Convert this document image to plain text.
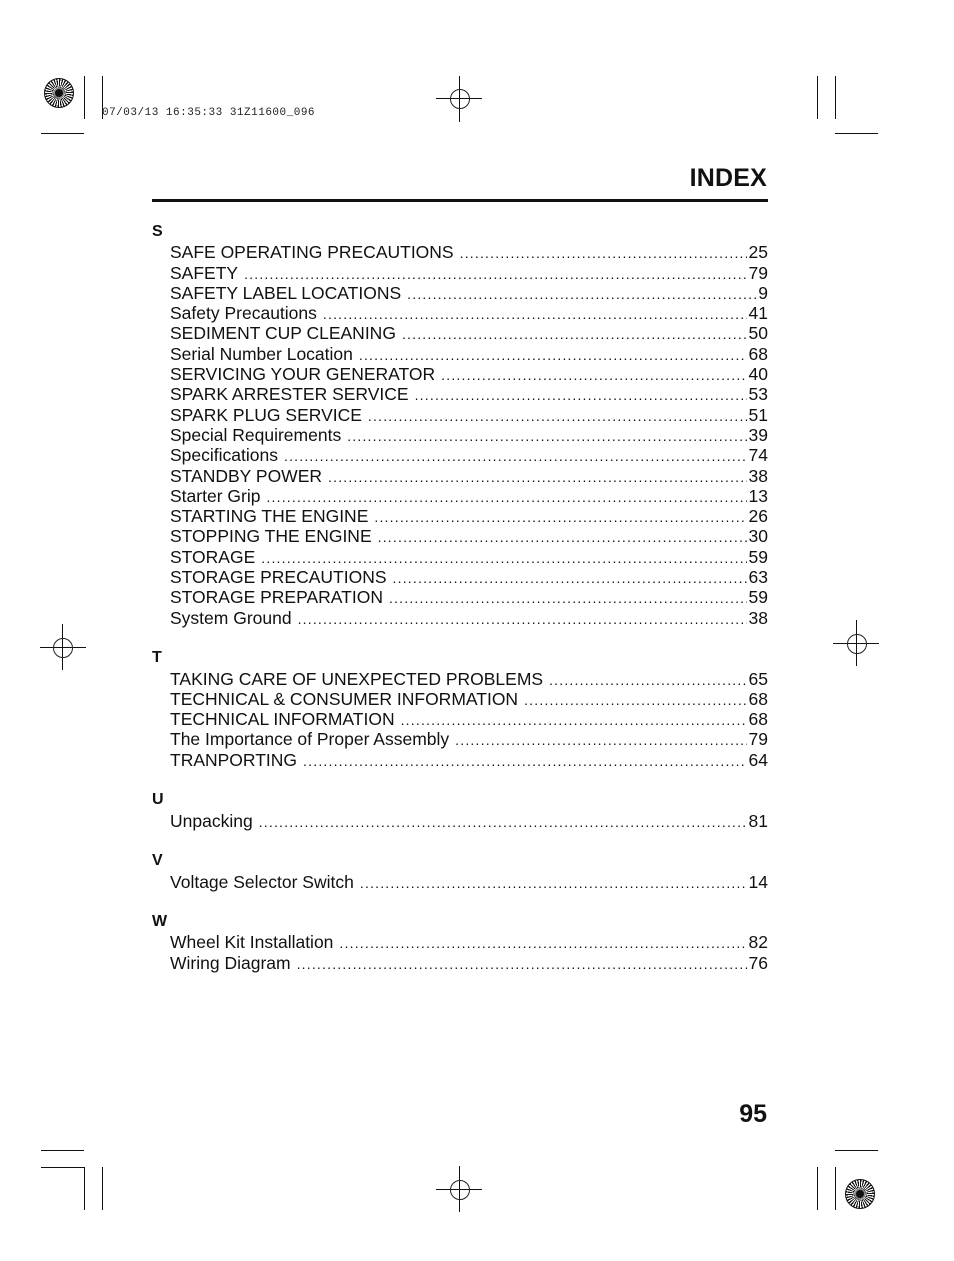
07/03/13 16:35:33 31Z11600_096
INDEX
S
SAFE OPERATING PRECAUTIONS .....	25
SAFETY .....	79
SAFETY LABEL LOCATIONS .....	9
Safety Precautions .....	41
SEDIMENT CUP CLEANING .....	50
Serial Number Location .....	68
SERVICING YOUR GENERATOR .....	40
SPARK ARRESTER SERVICE .....	53
SPARK PLUG SERVICE .....	51
Special Requirements .....	39
Specifications .....	74
STANDBY POWER .....	38
Starter Grip .....	13
STARTING THE ENGINE .....	26
STOPPING THE ENGINE .....	30
STORAGE .....	59
STORAGE PRECAUTIONS .....	63
STORAGE PREPARATION .....	59
System Ground .....	38
T
TAKING CARE OF UNEXPECTED PROBLEMS .....	65
TECHNICAL & CONSUMER INFORMATION .....	68
TECHNICAL INFORMATION .....	68
The Importance of Proper Assembly .....	79
TRANPORTING .....	64
U
Unpacking .....	81
V
Voltage Selector Switch .....	14
W
Wheel Kit Installation .....	82
Wiring Diagram .....	76
95
